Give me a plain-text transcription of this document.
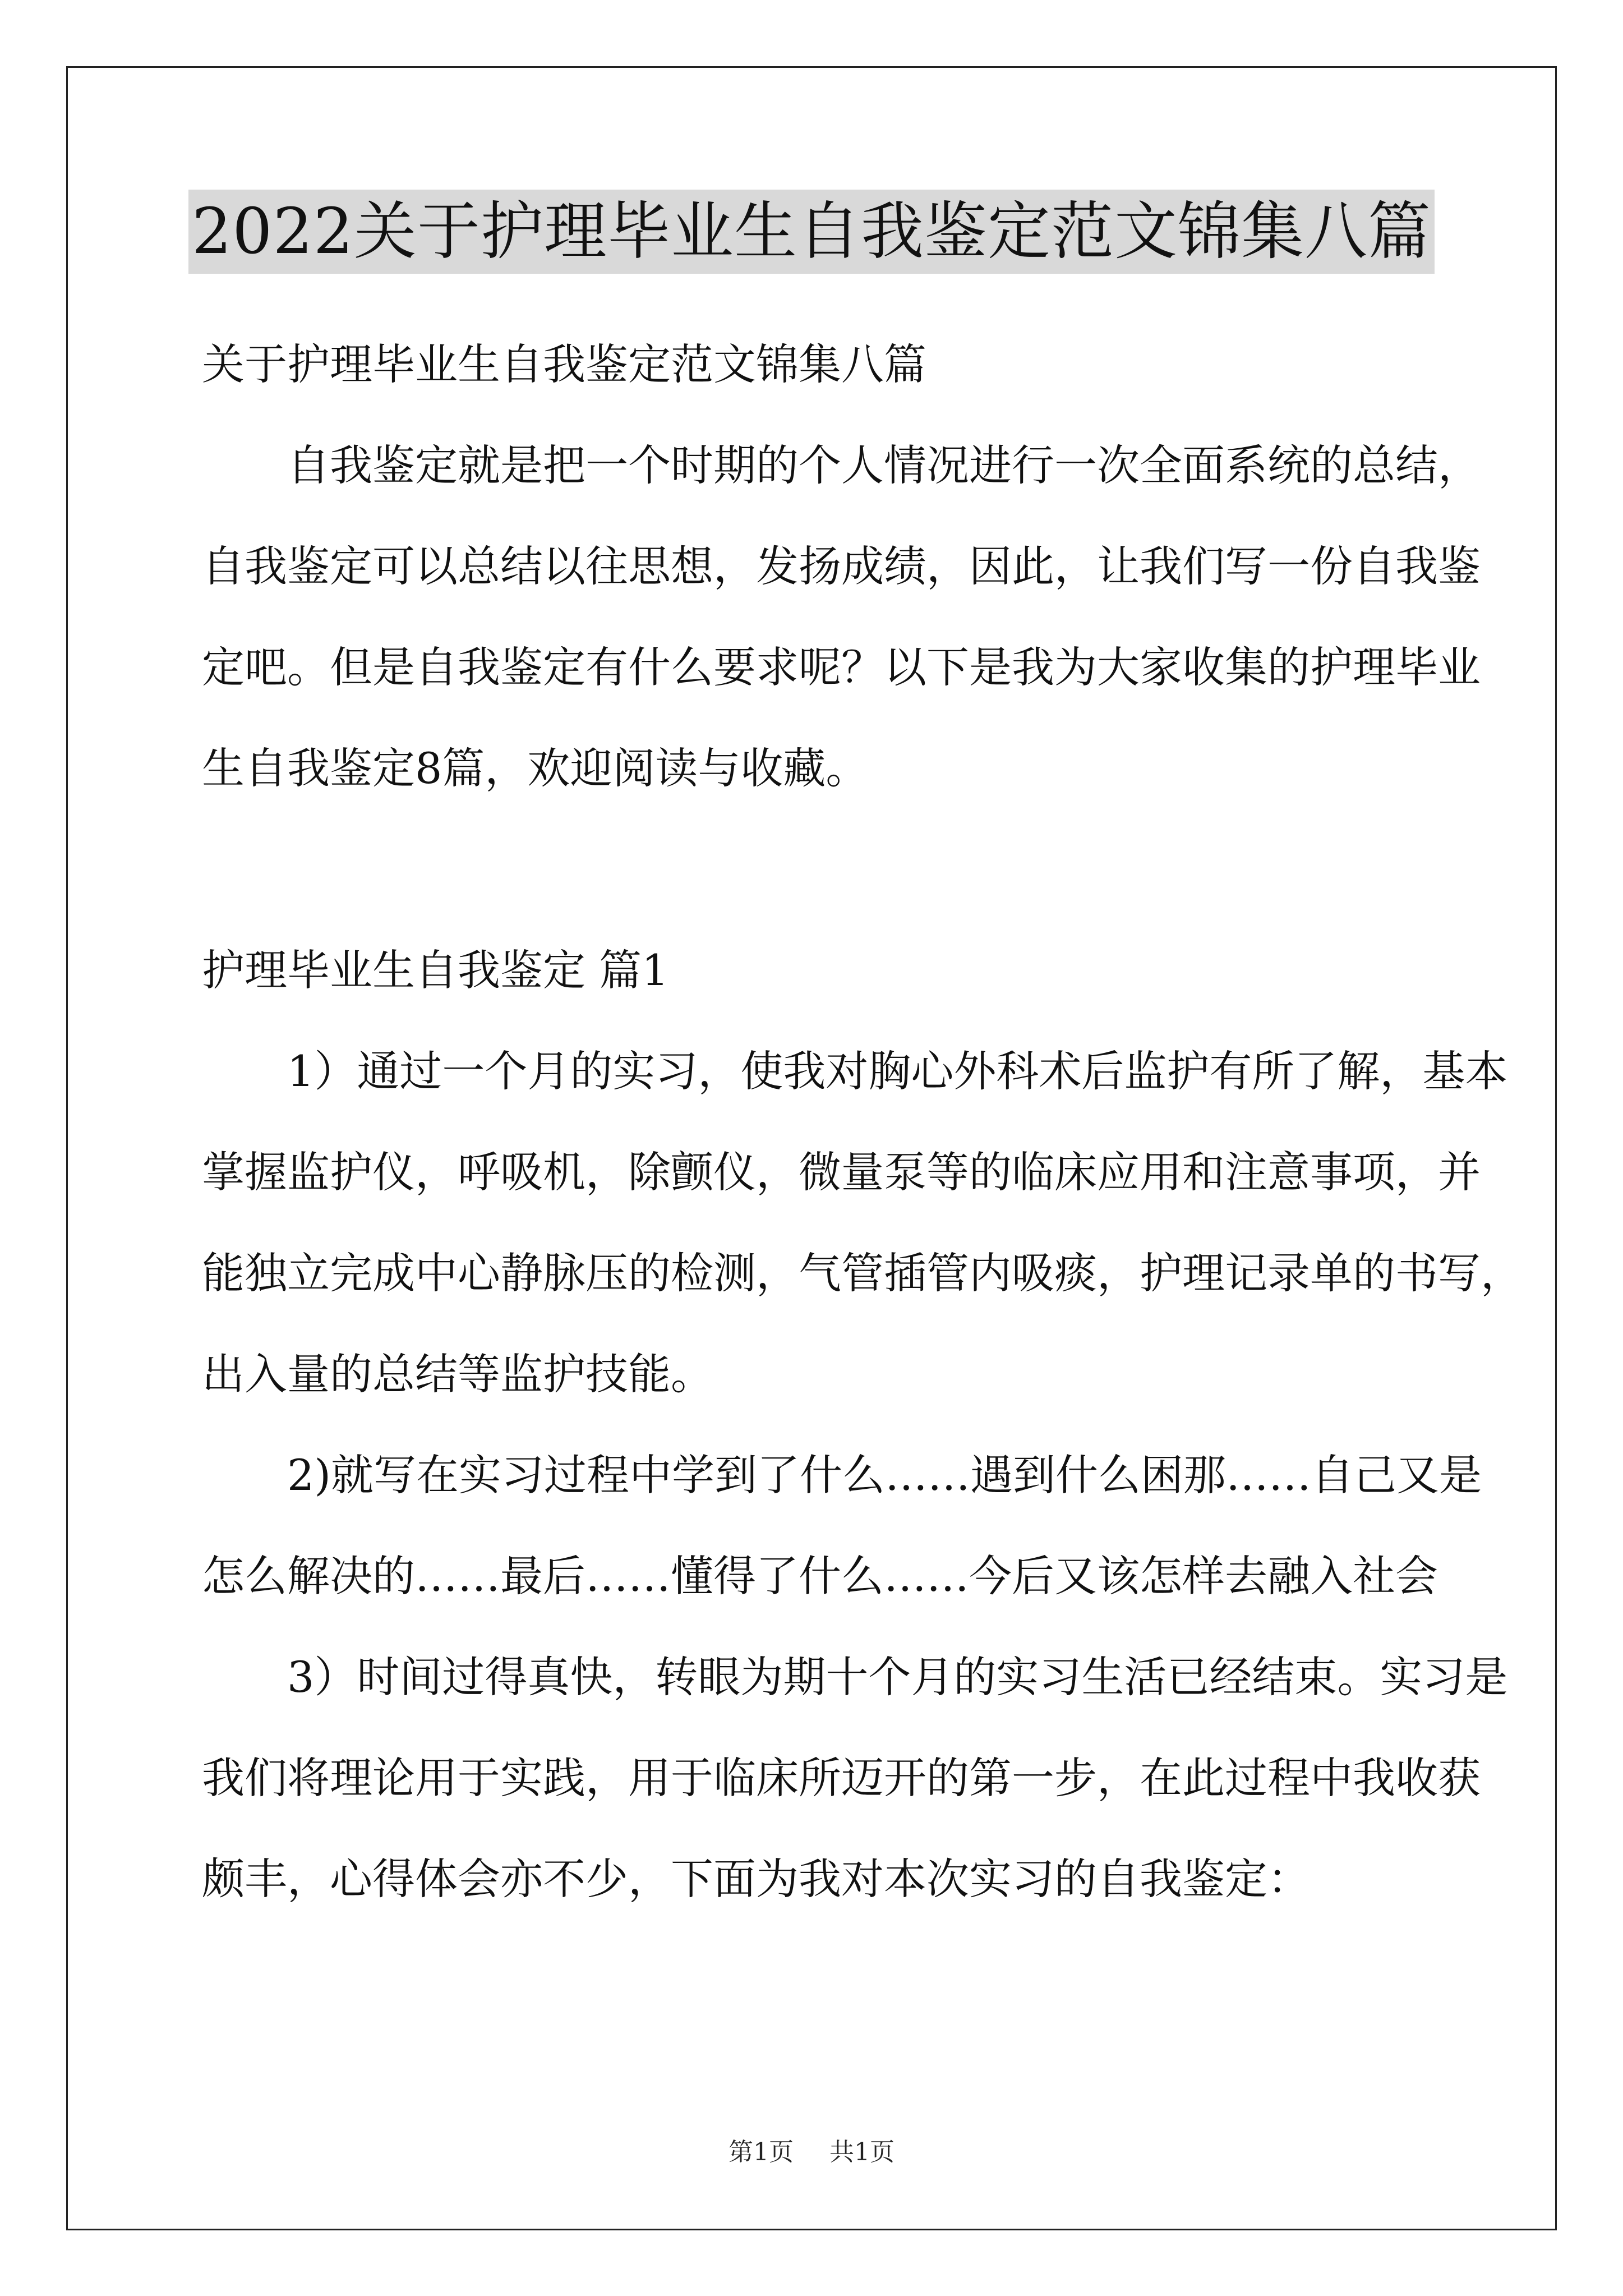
2022关于护理毕业生自我鉴定范文锦集八篇
关于护理毕业生自我鉴定范文锦集八篇
自我鉴定就是把一个时期的个人情况进行一次全面系统的总结，
自我鉴定可以总结以往思想，发扬成绩，因此，让我们写一份自我鉴
定吧。但是自我鉴定有什么要求呢？以下是我为大家收集的护理毕业
生自我鉴定8篇，欢迎阅读与收藏。
护理毕业生自我鉴定 篇1
1）通过一个月的实习，使我对胸心外科术后监护有所了解，基本
掌握监护仪，呼吸机，除颤仪，微量泵等的临床应用和注意事项，并
能独立完成中心静脉压的检测，气管插管内吸痰，护理记录单的书写，
出入量的总结等监护技能。
2)就写在实习过程中学到了什么……遇到什么困那……自己又是
怎么解决的……最后……懂得了什么……今后又该怎样去融入社会
3）时间过得真快，转眼为期十个月的实习生活已经结束。实习是
我们将理论用于实践，用于临床所迈开的第一步，在此过程中我收获
颇丰，心得体会亦不少，下面为我对本次实习的自我鉴定：
第1页 共1页
